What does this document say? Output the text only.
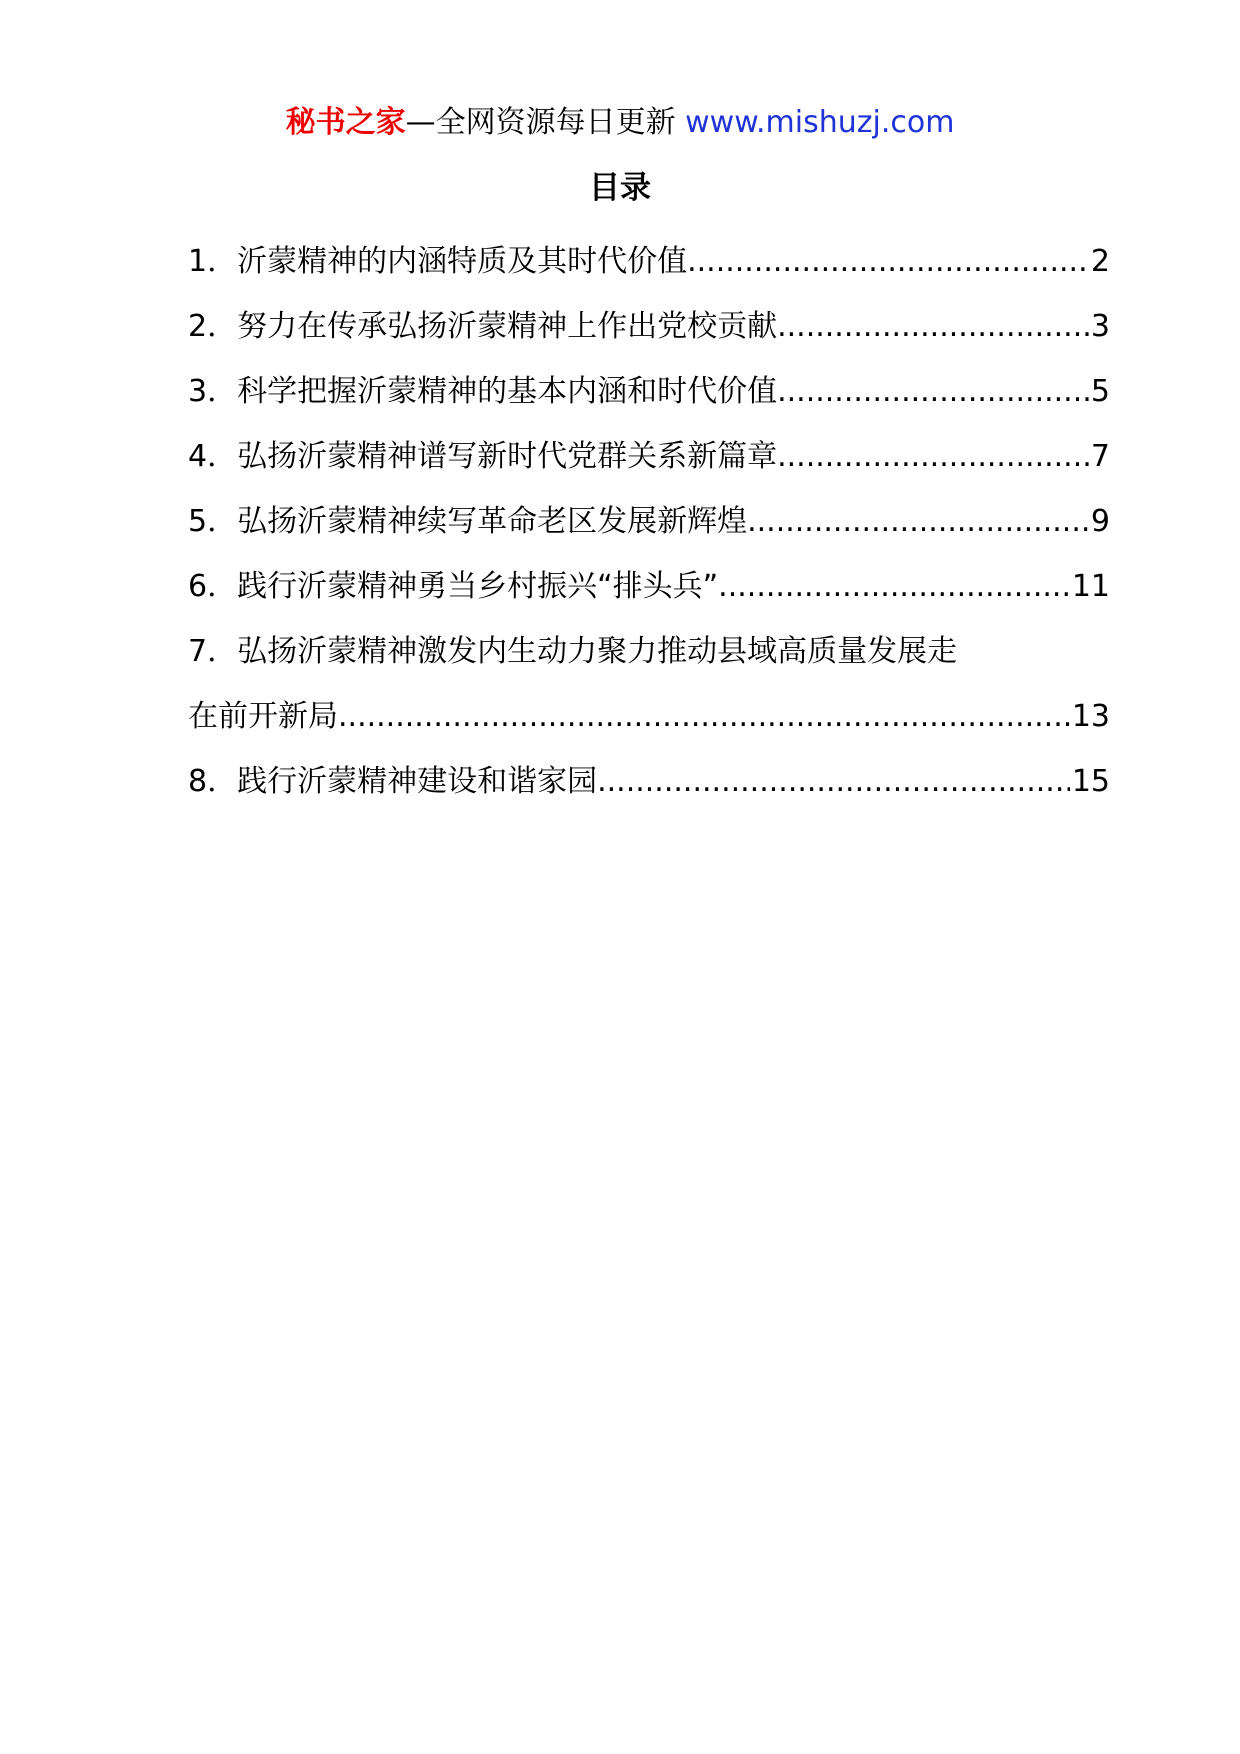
秘书之家—全网资源每日更新 www.mishuzj.com
目录
1．沂蒙精神的内涵特质及其时代价值 .....	2
2．努力在传承弘扬沂蒙精神上作出党校贡献 .....	3
3．科学把握沂蒙精神的基本内涵和时代价值 .....	5
4．弘扬沂蒙精神谱写新时代党群关系新篇章 .....	7
5．弘扬沂蒙精神续写革命老区发展新辉煌 .....	9
6．践行沂蒙精神勇当乡村振兴“排头兵” .....	11
7．弘扬沂蒙精神激发内生动力聚力推动县域高质量发展走
在前开新局 .....	13
8．践行沂蒙精神建设和谐家园 .....	15
